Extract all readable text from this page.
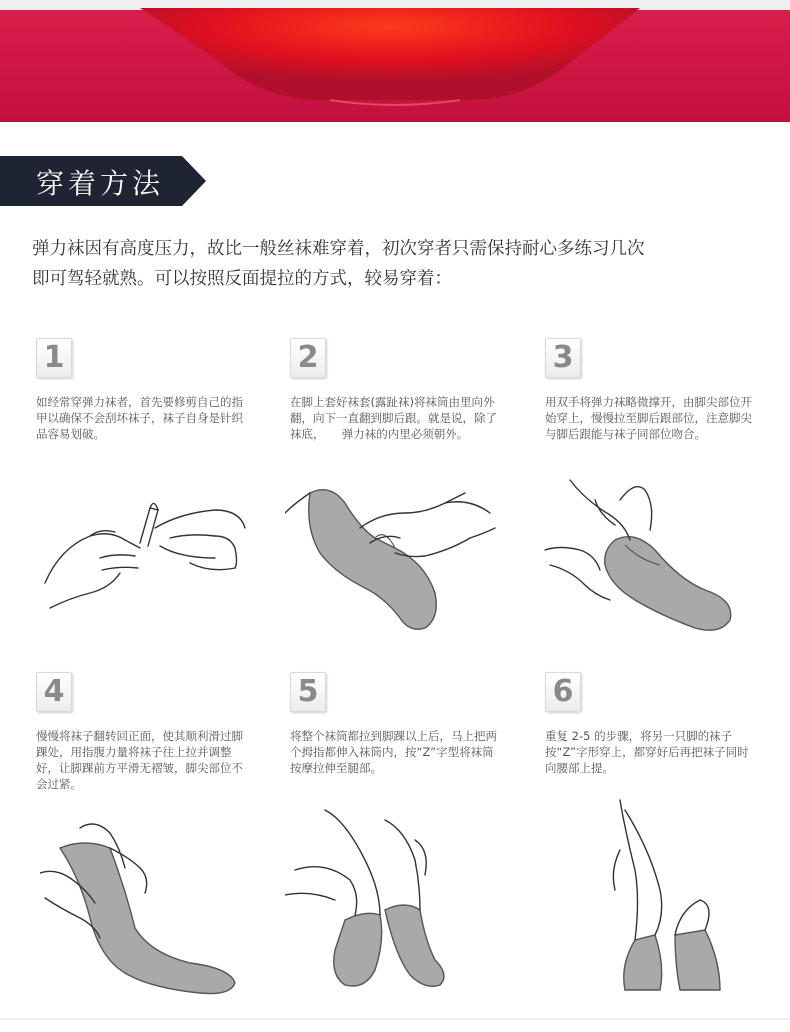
穿着方法
弹力袜因有高度压力，故比一般丝袜难穿着，初次穿者只需保持耐心多练习几次
即可驾轻就熟。可以按照反面提拉的方式，较易穿着：
1
如经常穿弹力袜者，首先要修剪自己的指甲以确保不会刮坏袜子，袜子自身是针织品容易划破。
2
在脚上套好袜套(露趾袜)将袜筒由里向外翻，向下一直翻到脚后跟。就是说，除了袜底，　　弹力袜的内里必须朝外。
3
用双手将弹力袜略微撑开，由脚尖部位开始穿上，慢慢拉至脚后跟部位，注意脚尖与脚后跟能与袜子同部位吻合。
4
慢慢将袜子翻转回正面，使其顺利滑过脚踝处，用指腹力量将袜子往上拉并调整好，让脚踝前方平滑无褶皱，脚尖部位不会过紧。
5
将整个袜筒都拉到脚踝以上后，马上把两个拇指都伸入袜筒内，按“Z”字型将袜筒按摩拉伸至腿部。
6
重复 2-5 的步骤，将另一只脚的袜子按“Z”字形穿上，都穿好后再把袜子同时向腰部上提。
